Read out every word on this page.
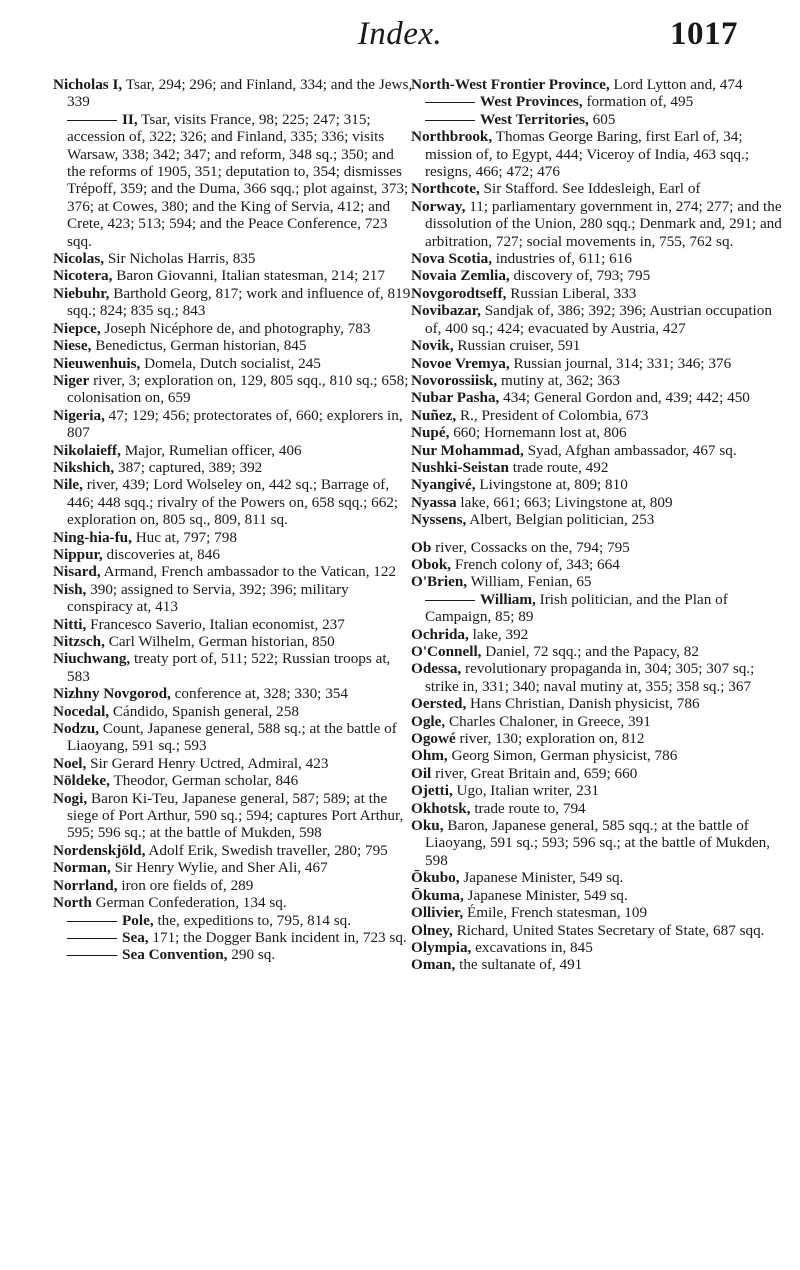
Index.	1017
Nicholas I, Tsar, 294; 296; and Finland, 334; and the Jews, 339
II, Tsar, visits France, 98; 225; 247; 315; accession of, 322; 326; and Finland, 335; 336; visits Warsaw, 338; 342; 347; and reform, 348 sq.; 350; and the reforms of 1905, 351; deputation to, 354; dismisses Trépoff, 359; and the Duma, 366 sqq.; plot against, 373; 376; at Cowes, 380; and the King of Servia, 412; and Crete, 423; 513; 594; and the Peace Conference, 723 sqq.
Nicolas, Sir Nicholas Harris, 835
Nicotera, Baron Giovanni, Italian statesman, 214; 217
Niebuhr, Barthold Georg, 817; work and influence of, 819 sqq.; 824; 835 sq.; 843
Niepce, Joseph Nicéphore de, and photography, 783
Niese, Benedictus, German historian, 845
Nieuwenhuis, Domela, Dutch socialist, 245
Niger river, 3; exploration on, 129, 805 sqq., 810 sq.; 658; colonisation on, 659
Nigeria, 47; 129; 456; protectorates of, 660; explorers in, 807
Nikolaieff, Major, Rumelian officer, 406
Nikshich, 387; captured, 389; 392
Nile, river, 439; Lord Wolseley on, 442 sq.; Barrage of, 446; 448 sqq.; rivalry of the Powers on, 658 sqq.; 662; exploration on, 805 sq., 809, 811 sq.
Ning-hia-fu, Huc at, 797; 798
Nippur, discoveries at, 846
Nisard, Armand, French ambassador to the Vatican, 122
Nish, 390; assigned to Servia, 392; 396; military conspiracy at, 413
Nitti, Francesco Saverio, Italian economist, 237
Nitzsch, Carl Wilhelm, German historian, 850
Niuchwang, treaty port of, 511; 522; Russian troops at, 583
Nizhny Novgorod, conference at, 328; 330; 354
Nocedal, Cándido, Spanish general, 258
Nodzu, Count, Japanese general, 588 sq.; at the battle of Liaoyang, 591 sq.; 593
Noel, Sir Gerard Henry Uctred, Admiral, 423
Nöldeke, Theodor, German scholar, 846
Nogi, Baron Ki-Teu, Japanese general, 587; 589; at the siege of Port Arthur, 590 sq.; 594; captures Port Arthur, 595; 596 sq.; at the battle of Mukden, 598
Nordenskjöld, Adolf Erik, Swedish traveller, 280; 795
Norman, Sir Henry Wylie, and Sher Ali, 467
Norrland, iron ore fields of, 289
North German Confederation, 134 sq.
Pole, the, expeditions to, 795, 814 sq.
Sea, 171; the Dogger Bank incident in, 723 sq.
Sea Convention, 290 sq.
North-West Frontier Province, Lord Lytton and, 474
West Provinces, formation of, 495
West Territories, 605
Northbrook, Thomas George Baring, first Earl of, 34; mission of, to Egypt, 444; Viceroy of India, 463 sqq.; resigns, 466; 472; 476
Northcote, Sir Stafford. See Iddesleigh, Earl of
Norway, 11; parliamentary government in, 274; 277; and the dissolution of the Union, 280 sqq.; Denmark and, 291; and arbitration, 727; social movements in, 755, 762 sq.
Nova Scotia, industries of, 611; 616
Novaia Zemlia, discovery of, 793; 795
Novgorodtseff, Russian Liberal, 333
Novibazar, Sandjak of, 386; 392; 396; Austrian occupation of, 400 sq.; 424; evacuated by Austria, 427
Novik, Russian cruiser, 591
Novoe Vremya, Russian journal, 314; 331; 346; 376
Novorossiisk, mutiny at, 362; 363
Nubar Pasha, 434; General Gordon and, 439; 442; 450
Nuñez, R., President of Colombia, 673
Nupé, 660; Hornemann lost at, 806
Nur Mohammad, Syad, Afghan ambassador, 467 sq.
Nushki-Seistan trade route, 492
Nyangivé, Livingstone at, 809; 810
Nyassa lake, 661; 663; Livingstone at, 809
Nyssens, Albert, Belgian politician, 253
Ob river, Cossacks on the, 794; 795
Obok, French colony of, 343; 664
O'Brien, William, Fenian, 65
William, Irish politician, and the Plan of Campaign, 85; 89
Ochrida, lake, 392
O'Connell, Daniel, 72 sqq.; and the Papacy, 82
Odessa, revolutionary propaganda in, 304; 305; 307 sq.; strike in, 331; 340; naval mutiny at, 355; 358 sq.; 367
Oersted, Hans Christian, Danish physicist, 786
Ogle, Charles Chaloner, in Greece, 391
Ogowé river, 130; exploration on, 812
Ohm, Georg Simon, German physicist, 786
Oil river, Great Britain and, 659; 660
Ojetti, Ugo, Italian writer, 231
Okhotsk, trade route to, 794
Oku, Baron, Japanese general, 585 sqq.; at the battle of Liaoyang, 591 sq.; 593; 596 sq.; at the battle of Mukden, 598
Ōkubo, Japanese Minister, 549 sq.
Ōkuma, Japanese Minister, 549 sq.
Ollivier, Émile, French statesman, 109
Olney, Richard, United States Secretary of State, 687 sqq.
Olympia, excavations in, 845
Oman, the sultanate of, 491
